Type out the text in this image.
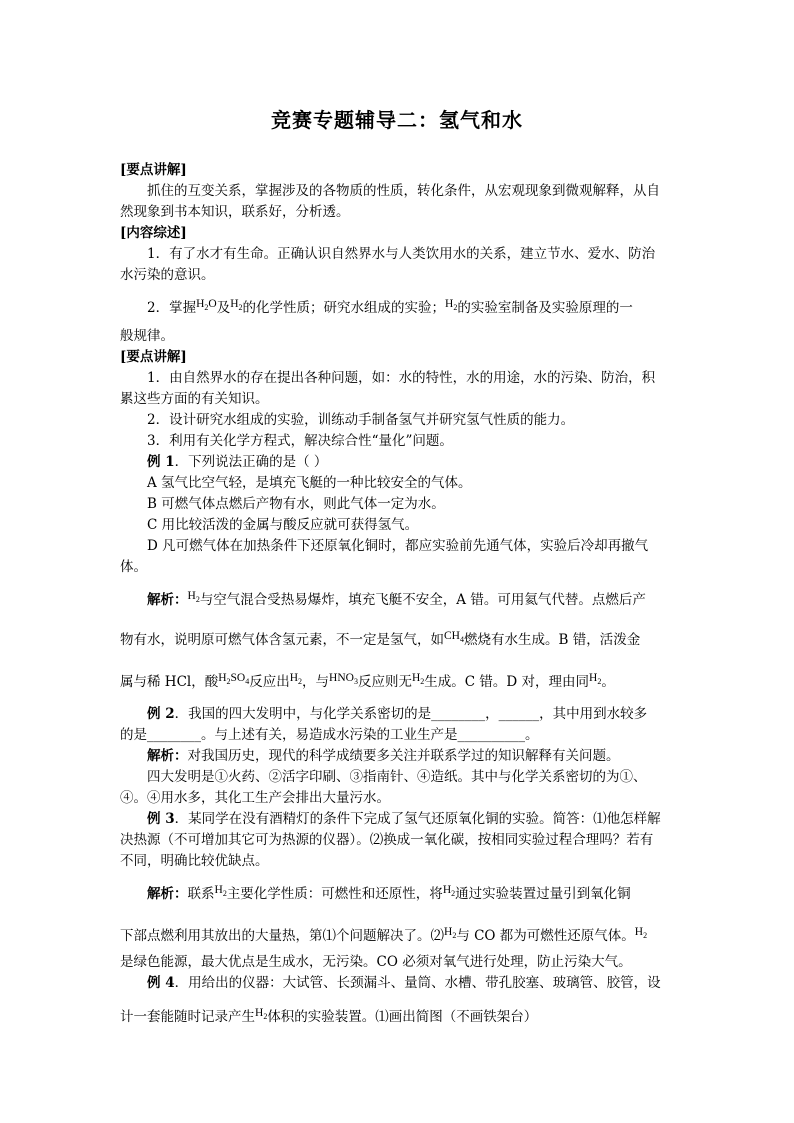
竞赛专题辅导二：氢气和水
[要点讲解]
抓住的互变关系，掌握涉及的各物质的性质，转化条件，从宏观现象到微观解释，从自
然现象到书本知识，联系好，分析透。
[内容综述]
1．有了水才有生命。正确认识自然界水与人类饮用水的关系，建立节水、爱水、防治
水污染的意识。
2．掌握$H_2O$及$H_2$的化学性质；研究水组成的实验；$H_2$的实验室制备及实验原理的一
般规律。
[要点讲解]
1．由自然界水的存在提出各种问题，如：水的特性，水的用途，水的污染、防治，积
累这些方面的有关知识。
2．设计研究水组成的实验，训练动手制备氢气并研究氢气性质的能力。
3．利用有关化学方程式，解决综合性“量化”问题。
例 1．下列说法正确的是（ ）
A 氢气比空气轻，是填充飞艇的一种比较安全的气体。
B 可燃气体点燃后产物有水，则此气体一定为水。
C 用比较活泼的金属与酸反应就可获得氢气。
D 凡可燃气体在加热条件下还原氧化铜时，都应实验前先通气体，实验后冷却再撤气
体。
解析：$H_2$与空气混合受热易爆炸，填充飞艇不安全，A 错。可用氦气代替。点燃后产
物有水，说明原可燃气体含氢元素，不一定是氢气，如$CH_4$燃烧有水生成。B 错，活泼金
属与稀 HCl，酸$H_2SO_4$反应出$H_2$，与$HNO_3$反应则无$H_2$生成。C 错。D 对，理由同$H_2$。
例 2．我国的四大发明中，与化学关系密切的是________，______，其中用到水较多
的是________。与上述有关，易造成水污染的工业生产是__________。
解析：对我国历史，现代的科学成绩要多关注并联系学过的知识解释有关问题。
四大发明是①火药、②活字印刷、③指南针、④造纸。其中与化学关系密切的为①、
④。④用水多，其化工生产会排出大量污水。
例 3．某同学在没有酒精灯的条件下完成了氢气还原氧化铜的实验。简答：⑴他怎样解
决热源（不可增加其它可为热源的仪器）。⑵换成一氧化碳，按相同实验过程合理吗？若有
不同，明确比较优缺点。
解析：联系$H_2$主要化学性质：可燃性和还原性，将$H_2$通过实验装置过量引到氧化铜
下部点燃利用其放出的大量热，第⑴个问题解决了。$⑵H_2$与 CO 都为可燃性还原气体。$H_2$
是绿色能源，最大优点是生成水，无污染。CO 必须对氧气进行处理，防止污染大气。
例 4．用给出的仪器：大试管、长颈漏斗、量筒、水槽、带孔胶塞、玻璃管、胶管，设
计一套能随时记录产生$H_2$体积的实验装置。⑴画出简图（不画铁架台）
